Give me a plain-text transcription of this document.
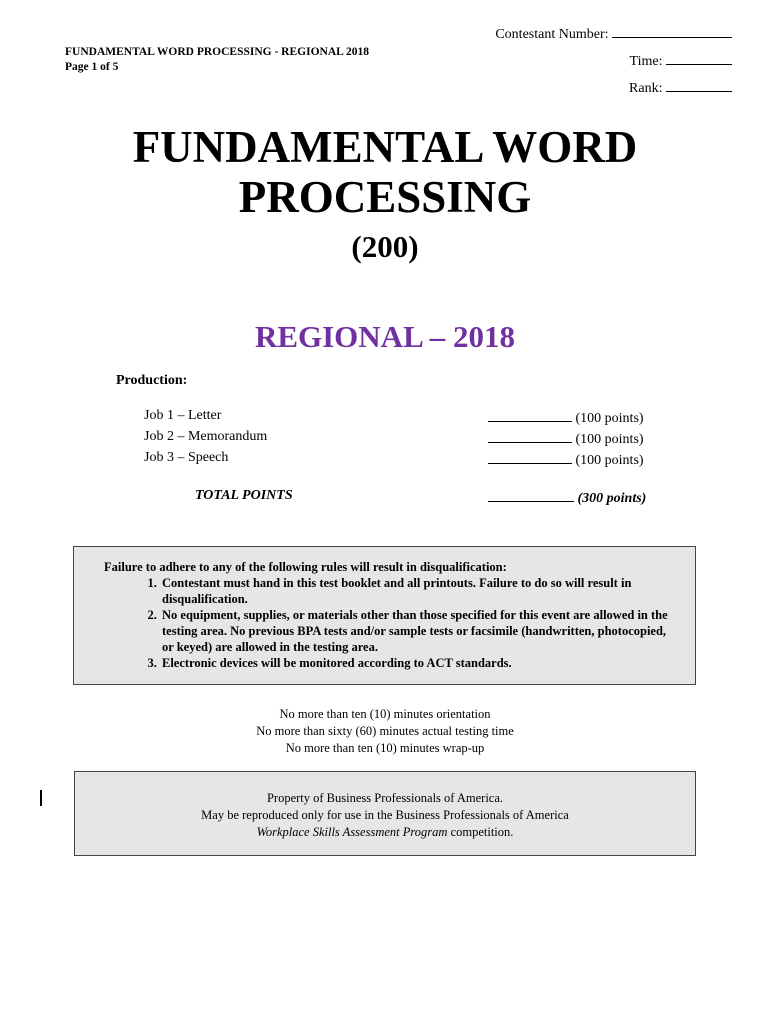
Contestant Number:
FUNDAMENTAL WORD PROCESSING - REGIONAL 2018
Page 1 of 5	Time:
Rank:
FUNDAMENTAL WORD
PROCESSING
(200)
REGIONAL – 2018
Production:
Job 1 – Letter	(100 points)
Job 2 – Memorandum	(100 points)
Job 3 – Speech	(100 points)
TOTAL POINTS	(300 points)
Failure to adhere to any of the following rules will result in disqualification:
1. Contestant must hand in this test booklet and all printouts. Failure to do so will result in disqualification.
2. No equipment, supplies, or materials other than those specified for this event are allowed in the testing area. No previous BPA tests and/or sample tests or facsimile (handwritten, photocopied, or keyed) are allowed in the testing area.
3. Electronic devices will be monitored according to ACT standards.
No more than ten (10) minutes orientation
No more than sixty (60) minutes actual testing time
No more than ten (10) minutes wrap-up
Property of Business Professionals of America.
May be reproduced only for use in the Business Professionals of America
Workplace Skills Assessment Program competition.
